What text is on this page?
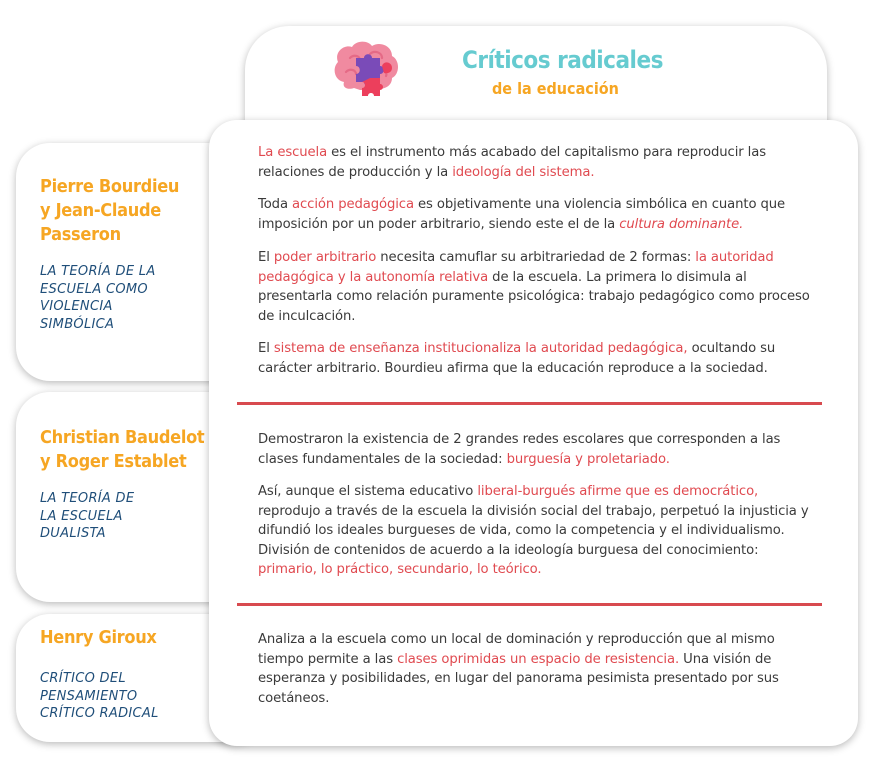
Críticos radicales
de la educación
Pierre Bourdieu
y Jean-Claude
Passeron
LA TEORÍA DE LA
ESCUELA COMO
VIOLENCIA
SIMBÓLICA
Christian Baudelot
y Roger Establet
LA TEORÍA DE
LA ESCUELA
DUALISTA
Henry Giroux
CRÍTICO DEL
PENSAMIENTO
CRÍTICO RADICAL

La escuela es el instrumento más acabado del capitalismo para reproducir las relaciones de producción y la ideología del sistema.

Toda acción pedagógica es objetivamente una violencia simbólica en cuanto que imposición por un poder arbitrario, siendo este el de la cultura dominante.

El poder arbitrario necesita camuflar su arbitrariedad de 2 formas: la autoridad pedagógica y la autonomía relativa de la escuela. La primera lo disimula al presentarla como relación puramente psicológica: trabajo pedagógico como proceso de inculcación.

El sistema de enseñanza institucionaliza la autoridad pedagógica, ocultando su carácter arbitrario. Bourdieu afirma que la educación reproduce a la sociedad.

Demostraron la existencia de 2 grandes redes escolares que corresponden a las clases fundamentales de la sociedad: burguesía y proletariado.

Así, aunque el sistema educativo liberal-burgués afirme que es democrático, reprodujo a través de la escuela la división social del trabajo, perpetuó la injusticia y difundió los ideales burgueses de vida, como la competencia y el individualismo. División de contenidos de acuerdo a la ideología burguesa del conocimiento: primario, lo práctico, secundario, lo teórico.

Analiza a la escuela como un local de dominación y reproducción que al mismo tiempo permite a las clases oprimidas un espacio de resistencia. Una visión de esperanza y posibilidades, en lugar del panorama pesimista presentado por sus coetáneos.
